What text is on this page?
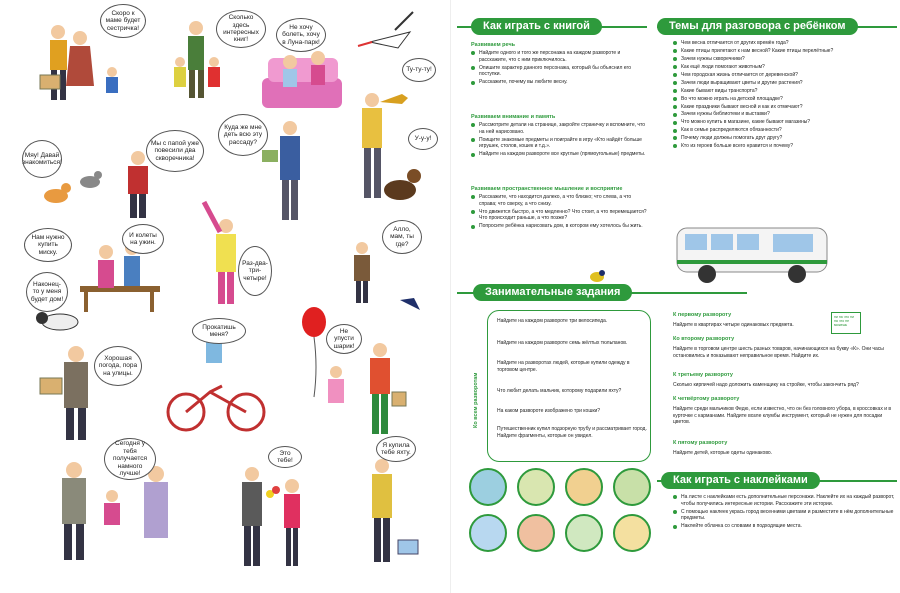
Скоро к маме будет сестричка!
Сколько здесь интересных книг!
Не хочу болеть, хочу в Луна-парк!
Ту-ту-ту!
Мяу! Давай знакомиться!
Мы с папой уже повесили два скворечника!
Куда же мне деть всю эту рассаду?	У-у-у!
Нам нужно купить миску.
И колеты на ужин.
Алло, мам, ты где?
Раз-два-три-четыре!
Наконец-то у меня будет дом!
Прокатишь меня?	Не упусти шарик!
Хорошая погода, пора на улицы.
Сегодня у тебя получается намного лучше!
Это тебе!
Я купила тебе яхту.
Как играть с книгой
Развиваем речь
Найдите одного и того же персонажа на каждом развороте и расскажите, что с ним приключилось.
Опишите характер данного персонажа, который бы объяснил его поступки.
Расскажите, почему вы любите весну.
Развиваем внимание и память
Рассмотрите детали на странице, закройте страничку и вспомните, что на ней нарисовано.
Поищите знакомые предметы и поиграйте в игру «Кто найдёт больше игрушек, столов, кошек и т.д.».
Найдите на каждом развороте все круглые (прямоугольные) предметы.
Развиваем пространственное мышление и восприятие
Расскажите, что находится далеко, а что близко; что слева, а что справа; что сверху, а что снизу.
Что движется быстро, а что медленно? Что стоит, а что перемещается? Что происходит раньше, а что позже?
Попросите ребёнка нарисовать дом, в котором ему хотелось бы жить.
Темы для разговора с ребёнком
Чем весна отличается от других времён года?
Какие птицы прилетают к нам весной? Какие птицы перелётные?
Зачем нужны скворечники?
Как ещё люди помогают животным?
Чем городская жизнь отличается от деревенской?
Зачем люди выращивают цветы и другие растения?
Какие бывают виды транспорта?
Во что можно играть на детской площадке?
Какие праздники бывают весной и как их отмечают?
Зачем нужны библиотеки и выставки?
Что можно купить в магазине, какие бывают магазины?
Как в семье распределяются обязанности?
Почему люди должны помогать друг другу?
Кто из героев больше всего нравится и почему?
Занимательные задания
Ко всем разворотам
Найдите на каждом развороте три велосипеда.
Найдите на каждом развороте семь жёлтых тюльпанов.
Найдите на разворотах людей, которые купили одежду в торговом центре.
Что любит делать мальчик, которому подарили яхту?
На каком развороте изображено три кошки?
Путешественник купил подзорную трубу и рассматривает город. Найдите фрагменты, которые он увидел.
К первому развороту
Найдите в квартирах четыре одинаковых предмета.
Ко второму развороту
Найдите в торговом центре шесть разных товаров, начинающихся на букву «К». Они часы остановились и показывают неправильное время. Найдите их.
К третьему развороту
Сколько кирпичей надо доложить каменщику на стройке, чтобы закончить ряд?
К четвёртому развороту
Найдите среди мальчиков Федю, если известно, что он без головного убора, в кроссовках и в курточке с карманами. Найдите возле клумбы инструмент, который не нужен для посадки цветов.
К пятому развороту
Найдите детей, которые одеты одинаково.
ни на что ни на что не можешь
Как играть с наклейками
На листе с наклейками есть дополнительные персонажи. Наклейте их на каждый разворот, чтобы получились интересные истории. Расскажите эти истории.
С помощью наклеек укрась город весенними цветами и разместите в нём дополнительные предметы.
Наклейте облачка со словами в подходящие места.
